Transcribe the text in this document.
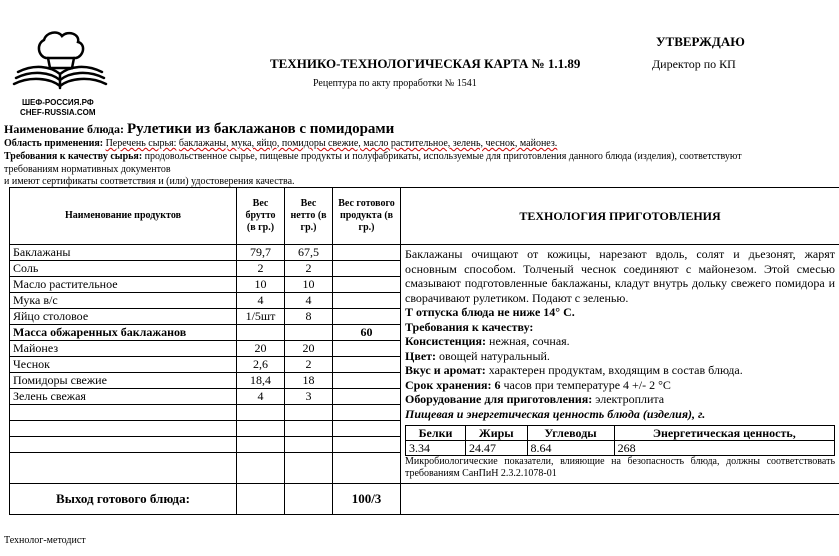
ШЕФ-РОССИЯ.РФ
CHEF-RUSSIA.COM
ТЕХНИКО-ТЕХНОЛОГИЧЕСКАЯ КАРТА № 1.1.89
Рецептура по акту проработки № 1541
УТВЕРЖДАЮ
Директор по КП
Наименование блюда: Рулетики из баклажанов с помидорами
Область применения: Перечень сырья: баклажаны, мука, яйцо, помидоры свежие, масло растительное, зелень, чеснок, майонез.
Требования к качеству сырья: продовольственное сырье, пищевые продукты и полуфабрикаты, используемые для приготовления данного блюда (изделия), соответствуют
требованиям нормативных документов
и имеют сертификаты соответствия и (или) удостоверения качества.
Наименование продуктов	Вес брутто (в гр.)	Вес нетто (в гр.)	Вес готового продукта (в гр.)	ТЕХНОЛОГИЯ ПРИГОТОВЛЕНИЯ
Баклажаны	79,7	67,5		Баклажаны очищают от кожицы, нарезают вдоль, солят и дьезонят, жарят основным способом. Толченый чеснок соединяют с майонезом. Этой смесью смазывают подготовленные баклажаны, кладут внутрь дольку свежего помидора и сворачивают рулетиком. Подают с зеленью.

Т отпуска блюда не ниже 14° С.

Требования к качеству:

Консистенция: нежная, сочная.

Цвет: овощей натуральный.

Вкус и аромат: характерен продуктам, входящим в состав блюда.

Срок хранения: 6 часов при температуре 4 +/- 2 °С

Оборудование для приготовления: электроплита

Пищевая и энергетическая ценность блюда (изделия), г.

Белки	Жиры	Углеводы	Энергетическая ценность,
3.34	24.47	8.64	268

Микробиологические показатели, влияющие на безопасность блюда, должны соответствовать требованиям СанПиН 2.3.2.1078-01

Соль	2	2	
Масло растительное	10	10	
Мука в/с	4	4	
Яйцо столовое	1/5шт	8	
Масса обжаренных баклажанов			60
Майонез	20	20	
Чеснок	2,6	2	
Помидоры свежие	18,4	18	
Зелень свежая	4	3	

Выход готового блюда:			100/3	
Технолог-методист
